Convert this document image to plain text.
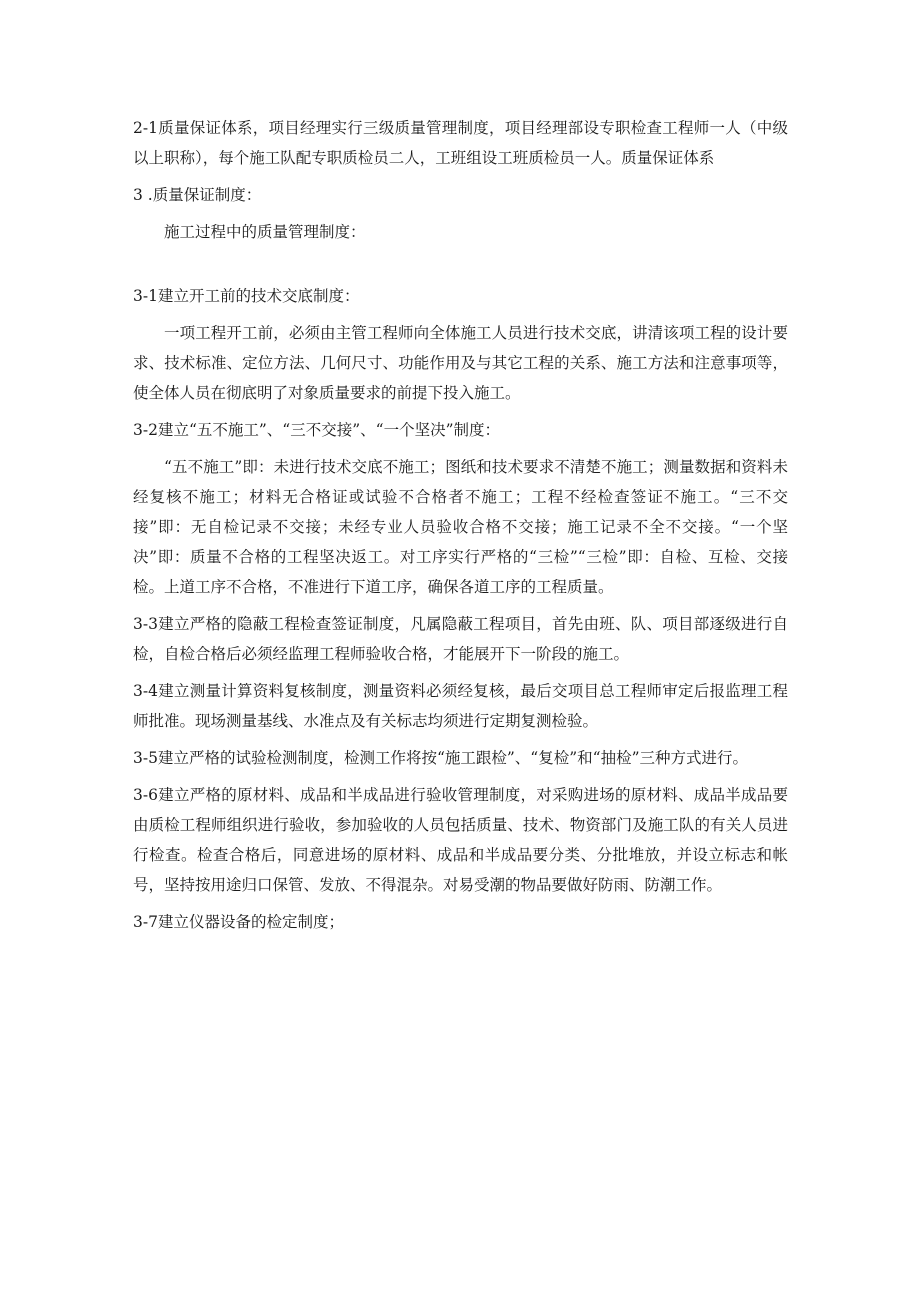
2-1质量保证体系，项目经理实行三级质量管理制度，项目经理部设专职检查工程师一人（中级以上职称），每个施工队配专职质检员二人，工班组设工班质检员一人。质量保证体系

3 .质量保证制度：

施工过程中的质量管理制度：

3-1建立开工前的技术交底制度：

一项工程开工前，必须由主管工程师向全体施工人员进行技术交底，讲清该项工程的设计要求、技术标准、定位方法、几何尺寸、功能作用及与其它工程的关系、施工方法和注意事项等，使全体人员在彻底明了对象质量要求的前提下投入施工。

3-2建立“五不施工”、“三不交接”、“一个坚决”制度：

“五不施工”即：未进行技术交底不施工；图纸和技术要求不清楚不施工；测量数据和资料未经复核不施工；材料无合格证或试验不合格者不施工；工程不经检查签证不施工。“三不交接”即：无自检记录不交接；未经专业人员验收合格不交接；施工记录不全不交接。“一个坚决”即：质量不合格的工程坚决返工。对工序实行严格的“三检”“三检”即：自检、互检、交接检。上道工序不合格，不准进行下道工序，确保各道工序的工程质量。

3-3建立严格的隐蔽工程检查签证制度，凡属隐蔽工程项目，首先由班、队、项目部逐级进行自检，自检合格后必须经监理工程师验收合格，才能展开下一阶段的施工。

3-4建立测量计算资料复核制度，测量资料必须经复核，最后交项目总工程师审定后报监理工程师批准。现场测量基线、水准点及有关标志均须进行定期复测检验。

3-5建立严格的试验检测制度，检测工作将按“施工跟检”、“复检”和“抽检”三种方式进行。

3-6建立严格的原材料、成品和半成品进行验收管理制度，对采购进场的原材料、成品半成品要由质检工程师组织进行验收，参加验收的人员包括质量、技术、物资部门及施工队的有关人员进行检查。检查合格后，同意进场的原材料、成品和半成品要分类、分批堆放，并设立标志和帐号，坚持按用途归口保管、发放、不得混杂。对易受潮的物品要做好防雨、防潮工作。

3-7建立仪器设备的检定制度；
